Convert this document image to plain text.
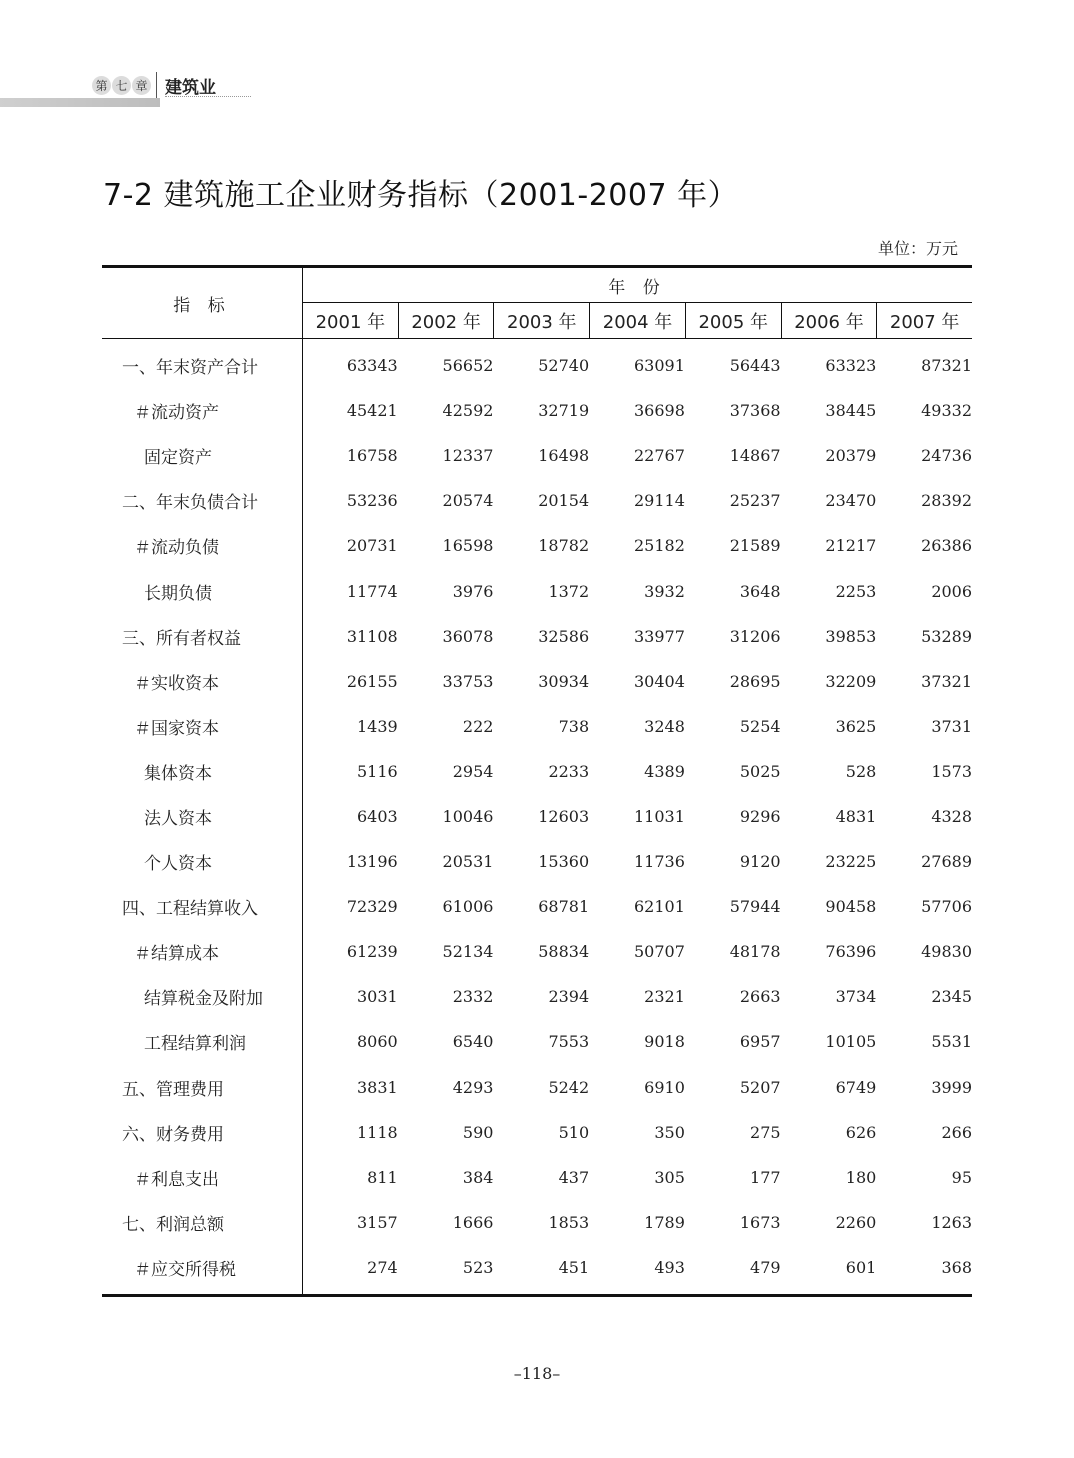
第 七 章 建筑业
7-2 建筑施工企业财务指标（2001-2007 年）
单位：万元
指 标
年 份
2001 年	2002 年	2003 年	2004 年	2005 年	2006 年	2007 年
一、年末资产合计	63343	56652	52740	63091	56443	63323	87321
＃流动资产	45421	42592	32719	36698	37368	38445	49332
固定资产	16758	12337	16498	22767	14867	20379	24736
二、年末负债合计	53236	20574	20154	29114	25237	23470	28392
＃流动负债	20731	16598	18782	25182	21589	21217	26386
长期负债	11774	3976	1372	3932	3648	2253	2006
三、所有者权益	31108	36078	32586	33977	31206	39853	53289
＃实收资本	26155	33753	30934	30404	28695	32209	37321
＃国家资本	1439	222	738	3248	5254	3625	3731
集体资本	5116	2954	2233	4389	5025	528	1573
法人资本	6403	10046	12603	11031	9296	4831	4328
个人资本	13196	20531	15360	11736	9120	23225	27689
四、工程结算收入	72329	61006	68781	62101	57944	90458	57706
＃结算成本	61239	52134	58834	50707	48178	76396	49830
结算税金及附加	3031	2332	2394	2321	2663	3734	2345
工程结算利润	8060	6540	7553	9018	6957	10105	5531
五、管理费用	3831	4293	5242	6910	5207	6749	3999
六、财务费用	1118	590	510	350	275	626	266
＃利息支出	811	384	437	305	177	180	95
七、利润总额	3157	1666	1853	1789	1673	2260	1263
＃应交所得税	274	523	451	493	479	601	368
–118–
